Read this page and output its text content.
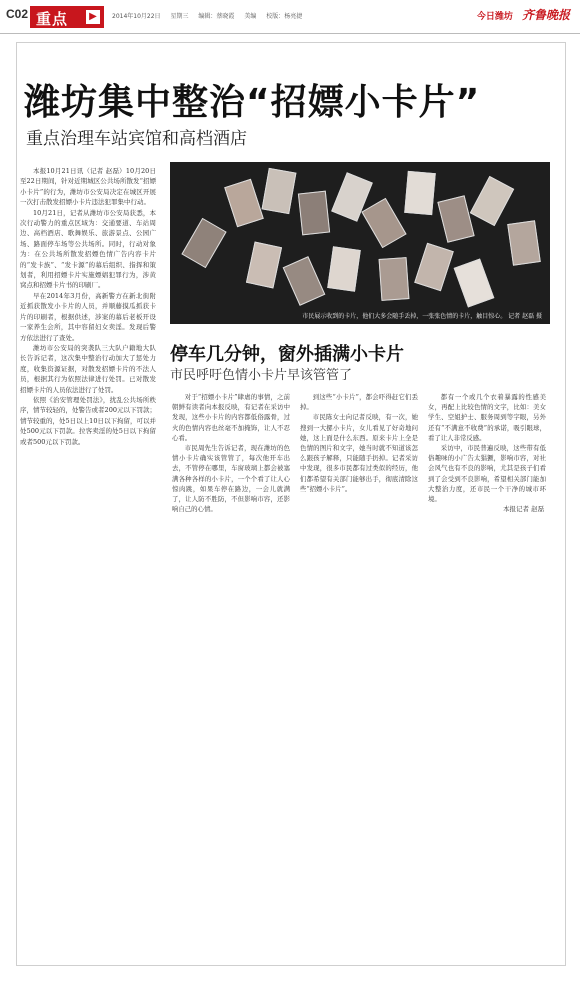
C02 重点	▶	2014年10月22日 星期三 编辑：蔡晓霞 美编 校版：杨亮捷	今日潍坊 齐鲁晚报
潍坊集中整治“招嫖小卡片”
重点治理车站宾馆和高档酒店

本报10月21日讯（记者 赵磊）10月20日至22日期间，针对近期城区公共场所散发“招嫖小卡片”的行为，潍坊市公安局决定在城区开展一次打击散发招嫖小卡片违法犯罪集中行动。

10月21日，记者从潍坊市公安局获悉，本次行动警力的重点区域为：交通要道、车站周边、高档酒店、歌舞娱乐、旅游景点、公园广场、路面停车场等公共场所。同时，行动对象为：在公共场所散发招嫖色情广告内容卡片的“发卡族”、“发卡源”的幕后组织、指挥和策划者，利用招嫖卡片实施嫖娼犯罪行为，涉黄窝点和招嫖卡片书的印刷厂。

早在2014年3月份，高新警方在新北街附近抓获散发小卡片的人员，并顺藤摸瓜抓获卡片的印刷者，根据供述，涉案的幕后老板开设一家养生会所，其中容留妇女卖淫。发现后警方依法进行了查处。

潍坊市公安局的突袭队三大队户籍地大队长告诉记者，这次集中整治行动加大了惩处力度，收集资源证据，对散发招嫖卡片的不法人员，根据其行为依照法律进行处罚。已对散发招嫖卡片的人员依法进行了处罚。

依照《治安管理处罚法》，扰乱公共场所秩序，情节较轻的，处警告或者200元以下罚款；情节较重的，处5日以上10日以下拘留，可以并处500元以下罚款。拉客卖淫的处5日以下拘留或者500元以下罚款。

市民展示收到的卡片，他们大多会随手丢掉，一张张色情的卡片，触目惊心。 记者 赵磊 摄
停车几分钟，窗外插满小卡片
市民呼吁色情小卡片早该管管了

对于“招嫖小卡片”肆虐的事情，之前朝鲜有读者向本报反映，有记者在采访中发现，这些小卡片的内容都低俗露骨，过火的色情内容也丝毫不加掩饰，让人不忍心看。

市民周先生告诉记者，现在潍坊的色情小卡片确实该管管了，每次他开车出去，不管停在哪里，车窗玻璃上都会被塞满各种各样的小卡片，一个个看了让人心惊肉跳，如果车停在路边，一会儿就满了，让人防不胜防，不但影响市容，还影响自己的心情。

到这些“小卡片”，都会吓得赶它们丢掉。

市民陈女士向记者反映，有一次，她搜到一大摞小卡片，女儿看见了好奇地问她，这上面是什么东西。原来卡片上全是色情的图片和文字，她当时就不知道该怎么跟孩子解释，只能随手扔掉。记者采访中发现，很多市民都有过类似的经历，他们都希望有关部门能够出手，彻底清除这些“招嫖小卡片”。

都有一个或几个衣着暴露的性感美女，再配上比较色情的文字，比如：美女学生、空姐护士、服务周到等字眼，另外还有“不满意不收费”的承诺，吸引眼球，看了让人非常反感。

采访中，市民普遍反映，这些带有低俗趣味的小广告太猖獗，影响市容，对社会风气也有不良的影响，尤其是孩子们看到了会受到不良影响，希望相关部门能加大整治力度，还市民一个干净的城市环境。

本报记者 赵磊
